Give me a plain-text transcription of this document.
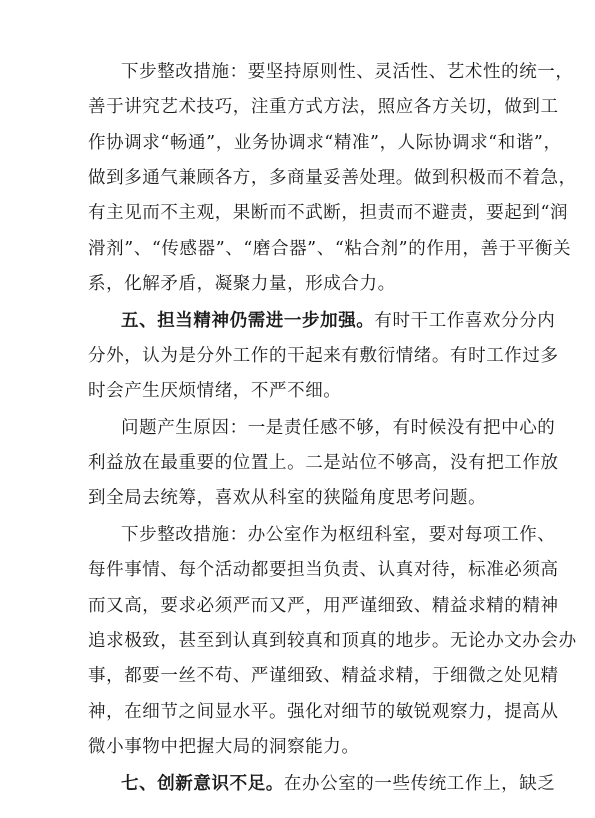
下步整改措施：要坚持原则性、灵活性、艺术性的统一，
善于讲究艺术技巧，注重方式方法，照应各方关切，做到工
作协调求“畅通”，业务协调求“精准”，人际协调求“和谐”，
做到多通气兼顾各方，多商量妥善处理。做到积极而不着急，
有主见而不主观，果断而不武断，担责而不避责，要起到“润
滑剂”、“传感器”、“磨合器”、“粘合剂”的作用，善于平衡关
系，化解矛盾，凝聚力量，形成合力。
五、担当精神仍需进一步加强。有时干工作喜欢分分内
分外，认为是分外工作的干起来有敷衍情绪。有时工作过多
时会产生厌烦情绪，不严不细。
问题产生原因：一是责任感不够，有时候没有把中心的
利益放在最重要的位置上。二是站位不够高，没有把工作放
到全局去统筹，喜欢从科室的狭隘角度思考问题。
下步整改措施：办公室作为枢纽科室，要对每项工作、
每件事情、每个活动都要担当负责、认真对待，标准必须高
而又高，要求必须严而又严，用严谨细致、精益求精的精神
追求极致，甚至到认真到较真和顶真的地步。无论办文办会办
事，都要一丝不苟、严谨细致、精益求精，于细微之处见精
神，在细节之间显水平。强化对细节的敏锐观察力，提高从
微小事物中把握大局的洞察能力。
七、创新意识不足。在办公室的一些传统工作上，缺乏
